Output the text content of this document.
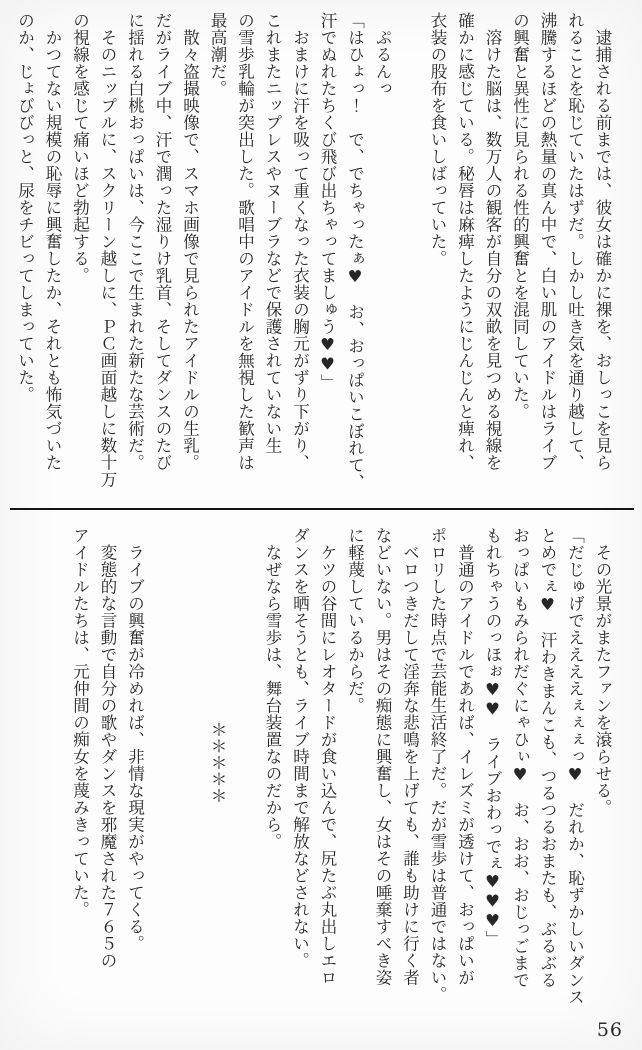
　逮捕される前までは、彼女は確かに裸を、おしっこを見ら
れることを恥じていたはずだ。しかし吐き気を通り越して、
沸騰するほどの熱量の真ん中で、白い肌のアイドルはライブ
の興奮と異性に見られる性的興奮とを混同していた。
　溶けた脳は、数万人の観客が自分の双畝を見つめる視線を
確かに感じている。秘唇は麻痺したようにじんじんと痺れ、
衣装の股布を食いしばっていた。
　ぷるんっ
「はひょっ！　で、でちゃったぁ♥　お、おっぱいこぼれて、
汗でぬれたちくび飛び出ちゃってましゅう♥♥」
　おまけに汗を吸って重くなった衣装の胸元がずり下がり、
これまたニップレスやヌーブラなどで保護されていない生
の雪歩乳輪が突出した。歌唱中のアイドルを無視した歓声は
最高潮だ。
　散々盗撮映像で、スマホ画像で見られたアイドルの生乳。
だがライブ中、汗で潤った湿りけ乳首、そしてダンスのたび
に揺れる白桃おっぱいは、今ここで生まれた新たな芸術だ。
　そのニップルに、スクリーン越しに、ＰＣ画面越しに数十万
の視線を感じて痛いほど勃起する。
　かつてない規模の恥辱に興奮したか、それとも怖気づいた
のか、じょびびっと、尿をチビってしまっていた。
　その光景がまたファンを滾らせる。
「だじゅげでええええぇぇぇっ♥　だれか、恥ずかしいダンス
とめでぇ♥　汗わきまんこも、つるつるおまたも、ぶるぶる
おっぱいもみられだぐにゃひぃ♥　お、おお、おじっごまで
もれちゃうのっほぉ♥♥　ライブおわっでぇ♥♥♥」
　普通のアイドルであれば、イレズミが透けて、おっぱいが
ポロリした時点で芸能生活終了だ。だが雪歩は普通ではない。
　ベロつきだして淫奔な悲鳴を上げても、誰も助けに行く者
などいない。男はその痴態に興奮し、女はその唾棄すべき姿
に軽蔑しているからだ。
　ケツの谷間にレオタードが食い込んで、尻たぶ丸出しエロ
ダンスを晒そうとも、ライブ時間まで解放などされない。
　なぜなら雪歩は、舞台装置なのだから。
＊＊＊＊＊
　ライブの興奮が冷めれば、非情な現実がやってくる。
　変態的な言動で自分の歌やダンスを邪魔された７６５の
アイドルたちは、元仲間の痴女を蔑みきっていた。
56
